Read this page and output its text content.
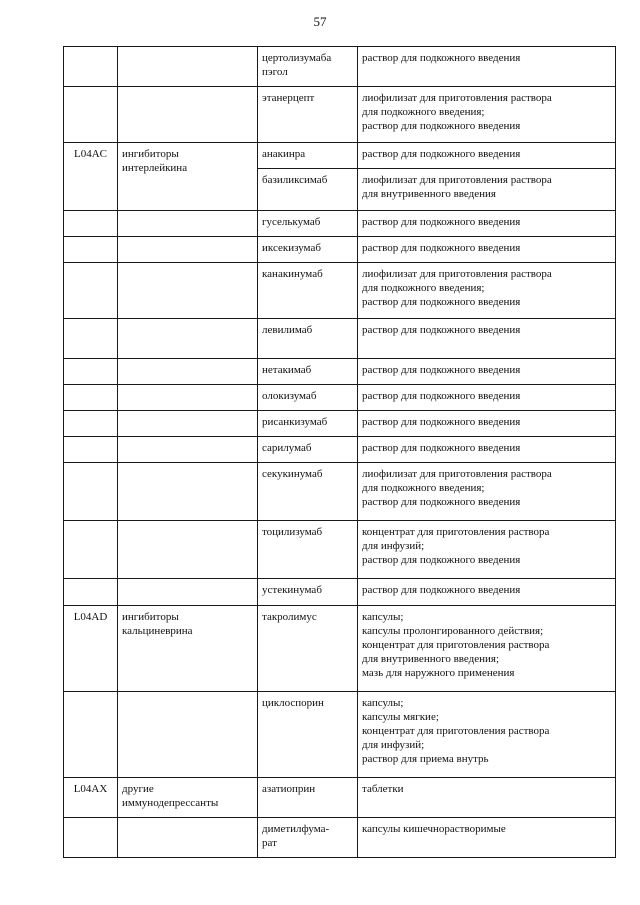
57
		цертолизумаба
пэгол	раствор для подкожного введения
		этанерцепт	лиофилизат для приготовления раствора
для подкожного введения;
раствор для подкожного введения
L04AC	ингибиторы
интерлейкина	анакинра	раствор для подкожного введения
		базиликсимаб	лиофилизат для приготовления раствора
для внутривенного введения
		гуселькумаб	раствор для подкожного введения
		иксекизумаб	раствор для подкожного введения
		канакинумаб	лиофилизат для приготовления раствора
для подкожного введения;
раствор для подкожного введения
		левилимаб	раствор для подкожного введения
		нетакимаб	раствор для подкожного введения
		олокизумаб	раствор для подкожного введения
		рисанкизумаб	раствор для подкожного введения
		сарилумаб	раствор для подкожного введения
		секукинумаб	лиофилизат для приготовления раствора
для подкожного введения;
раствор для подкожного введения
		тоцилизумаб	концентрат для приготовления раствора
для инфузий;
раствор для подкожного введения
		устекинумаб	раствор для подкожного введения
L04AD	ингибиторы
кальциневрина	такролимус	капсулы;
капсулы пролонгированного действия;
концентрат для приготовления раствора
для внутривенного введения;
мазь для наружного применения
		циклоспорин	капсулы;
капсулы мягкие;
концентрат для приготовления раствора
для инфузий;
раствор для приема внутрь
L04AX	другие
иммунодепрессанты	азатиоприн	таблетки
		диметилфума-
рат	капсулы кишечнорастворимые
